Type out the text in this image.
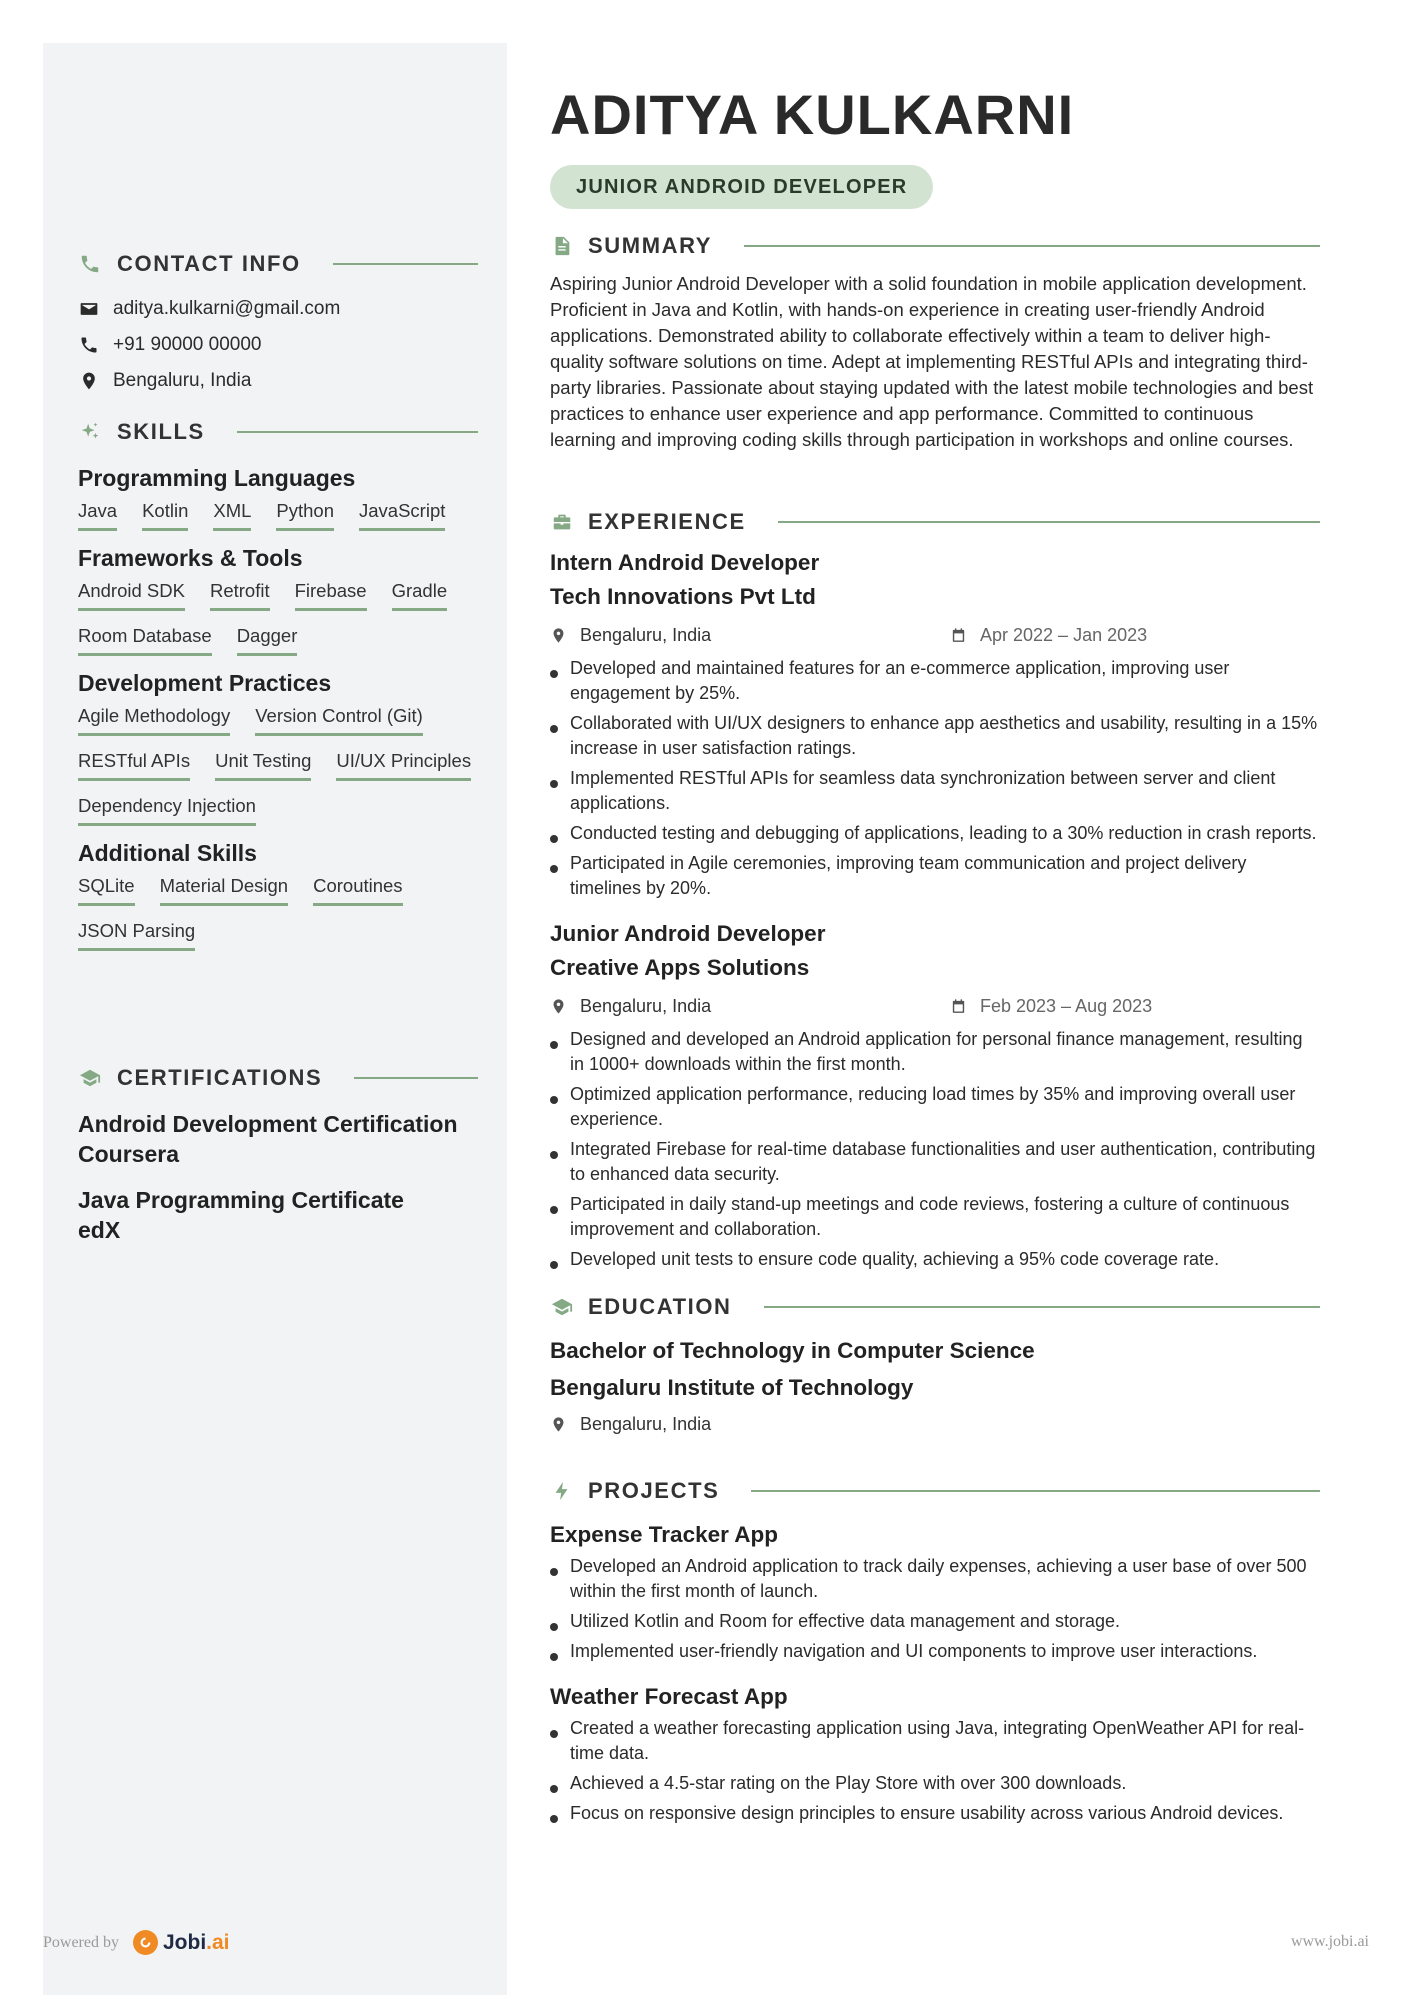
CONTACT INFO
aditya.kulkarni@gmail.com
+91 90000 00000
Bengaluru, India
SKILLS
Programming Languages
Java Kotlin XML Python JavaScript
Frameworks & Tools
Android SDK Retrofit Firebase Gradle
Room Database Dagger
Development Practices
Agile Methodology Version Control (Git)
RESTful APIs Unit Testing UI/UX Principles
Dependency Injection
Additional Skills
SQLite Material Design Coroutines
JSON Parsing
CERTIFICATIONS
Android Development Certification
Coursera
Java Programming Certificate
edX
ADITYA KULKARNI
JUNIOR ANDROID DEVELOPER
SUMMARY

Aspiring Junior Android Developer with a solid foundation in mobile application development. Proficient in Java and Kotlin, with hands-on experience in creating user-friendly Android applications. Demonstrated ability to collaborate effectively within a team to deliver high-quality software solutions on time. Adept at implementing RESTful APIs and integrating third-party libraries. Passionate about staying updated with the latest mobile technologies and best practices to enhance user experience and app performance. Committed to continuous learning and improving coding skills through participation in workshops and online courses.

EXPERIENCE
Intern Android Developer
Tech Innovations Pvt Ltd
Bengaluru, India	Apr 2022 – Jan 2023
Developed and maintained features for an e-commerce application, improving user engagement by 25%.
Collaborated with UI/UX designers to enhance app aesthetics and usability, resulting in a 15% increase in user satisfaction ratings.
Implemented RESTful APIs for seamless data synchronization between server and client applications.
Conducted testing and debugging of applications, leading to a 30% reduction in crash reports.
Participated in Agile ceremonies, improving team communication and project delivery timelines by 20%.
Junior Android Developer
Creative Apps Solutions
Bengaluru, India	Feb 2023 – Aug 2023
Designed and developed an Android application for personal finance management, resulting in 1000+ downloads within the first month.
Optimized application performance, reducing load times by 35% and improving overall user experience.
Integrated Firebase for real-time database functionalities and user authentication, contributing to enhanced data security.
Participated in daily stand-up meetings and code reviews, fostering a culture of continuous improvement and collaboration.
Developed unit tests to ensure code quality, achieving a 95% code coverage rate.
EDUCATION
Bachelor of Technology in Computer Science
Bengaluru Institute of Technology
Bengaluru, India
PROJECTS
Expense Tracker App
Developed an Android application to track daily expenses, achieving a user base of over 500 within the first month of launch.
Utilized Kotlin and Room for effective data management and storage.
Implemented user-friendly navigation and UI components to improve user interactions.
Weather Forecast App
Created a weather forecasting application using Java, integrating OpenWeather API for real-time data.
Achieved a 4.5-star rating on the Play Store with over 300 downloads.
Focus on responsive design principles to ensure usability across various Android devices.
Powered by Jobi .ai	www.jobi.ai
